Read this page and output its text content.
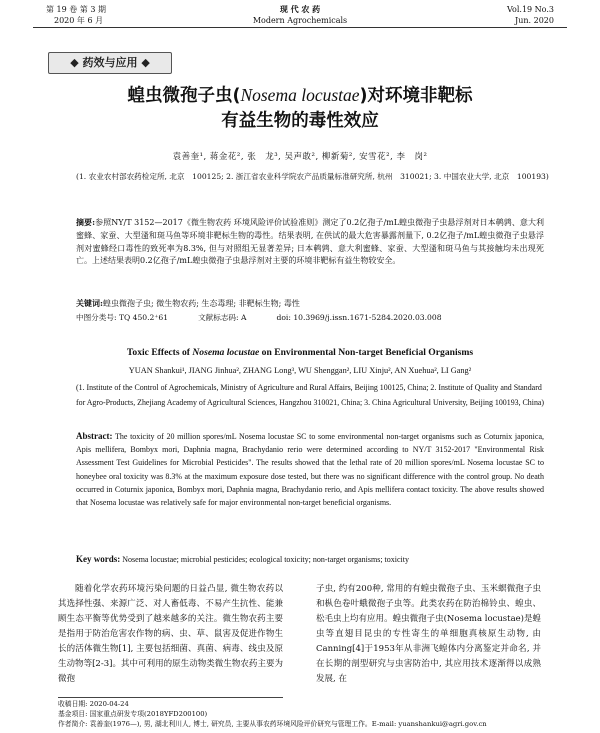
第 19 卷 第 3 期
2020 年 6 月
现 代 农 药
Modern Agrochemicals
Vol.19 No.3
Jun. 2020
◆ 药效与应用 ◆
蝗虫微孢子虫(Nosema locustae)对环境非靶标
有益生物的毒性效应
袁善奎¹, 蒋金花², 张　龙³, 吴声敢², 柳新菊², 安雪花², 李　岗²
(1. 农业农村部农药检定所, 北京　100125; 2. 浙江省农业科学院农产品质量标准研究所, 杭州　310021; 3. 中国农业大学, 北京　100193)
摘要:参照NY/T 3152—2017《微生物农药 环境风险评价试验准则》测定了0.2亿孢子/mL蝗虫微孢子虫悬浮剂对日本鹌鹑、意大利蜜蜂、家蚕、大型溞和斑马鱼等环境非靶标生物的毒性。结果表明, 在供试的最大危害暴露剂量下, 0.2亿孢子/mL蝗虫微孢子虫悬浮剂对蜜蜂经口毒性的致死率为8.3%, 但与对照组无显著差异; 日本鹌鹑、意大利蜜蜂、家蚕、大型溞和斑马鱼与其接触均未出现死亡。上述结果表明0.2亿孢子/mL蝗虫微孢子虫悬浮剂对主要的环境非靶标有益生物较安全。
关键词:蝗虫微孢子虫; 微生物农药; 生态毒理; 非靶标生物; 毒性
中图分类号: TQ 450.2⁺61	文献标志码: A	doi: 10.3969/j.issn.1671-5284.2020.03.008
Toxic Effects of Nosema locustae on Environmental Non-target Beneficial Organisms
YUAN Shankui¹, JIANG Jinhua², ZHANG Long³, WU Shenggan², LIU Xinju², AN Xuehua², LI Gang²
(1. Institute of the Control of Agrochemicals, Ministry of Agriculture and Rural Affairs, Beijing 100125, China; 2. Institute of Quality and Standard for Agro-Products, Zhejiang Academy of Agricultural Sciences, Hangzhou 310021, China; 3. China Agricultural University, Beijing 100193, China)
Abstract: The toxicity of 20 million spores/mL Nosema locustae SC to some environmental non-target organisms such as Coturnix japonica, Apis mellifera, Bombyx mori, Daphnia magna, Brachydanio rerio were determined according to NY/T 3152-2017 "Environmental Risk Assessment Test Guidelines for Microbial Pesticides". The results showed that the lethal rate of 20 million spores/mL Nosema locustae SC to honeybee oral toxicity was 8.3% at the maximum exposure dose tested, but there was no significant difference with the control group. No death occurred in Coturnix japonica, Bombyx mori, Daphnia magna, Brachydanio rerio, and Apis mellifera contact toxicity. The above results showed that Nosema locustae was relatively safe for major environmental non-target beneficial organisms.
Key words: Nosema locustae; microbial pesticides; ecological toxicity; non-target organisms; toxicity

随着化学农药环境污染问题的日益凸显, 微生物农药以其选择性强、来源广泛、对人畜低毒、不易产生抗性、能兼顾生态平衡等优势受到了越来越多的关注。微生物农药主要是指用于防治危害农作物的病、虫、草、鼠害及促进作物生长的活体微生物[1], 主要包括细菌、真菌、病毒、线虫及原生动物等[2-3]。其中可利用的原生动物类微生物农药主要为微孢

子虫, 约有200种, 常用的有蝗虫微孢子虫、玉米螟微孢子虫和枞色卷叶蛾微孢子虫等。此类农药在防治棉铃虫、蝗虫、松毛虫上均有应用。蝗虫微孢子虫(Nosema locustae)是蝗虫等直翅目昆虫的专性寄生的单细胞真核原生动物, 由Canning[4]于1953年从非洲飞蝗体内分离鉴定并命名, 并在长期的剖型研究与虫害防治中, 其应用技术逐渐得以成熟发展, 在

收稿日期: 2020-04-24
基金项目: 国家重点研发专项(2018YFD200100)
作者简介: 袁善奎(1976—), 男, 湖北利川人, 博士, 研究员, 主要从事农药环境风险评价研究与管理工作。E-mail: yuanshankui@agri.gov.cn
